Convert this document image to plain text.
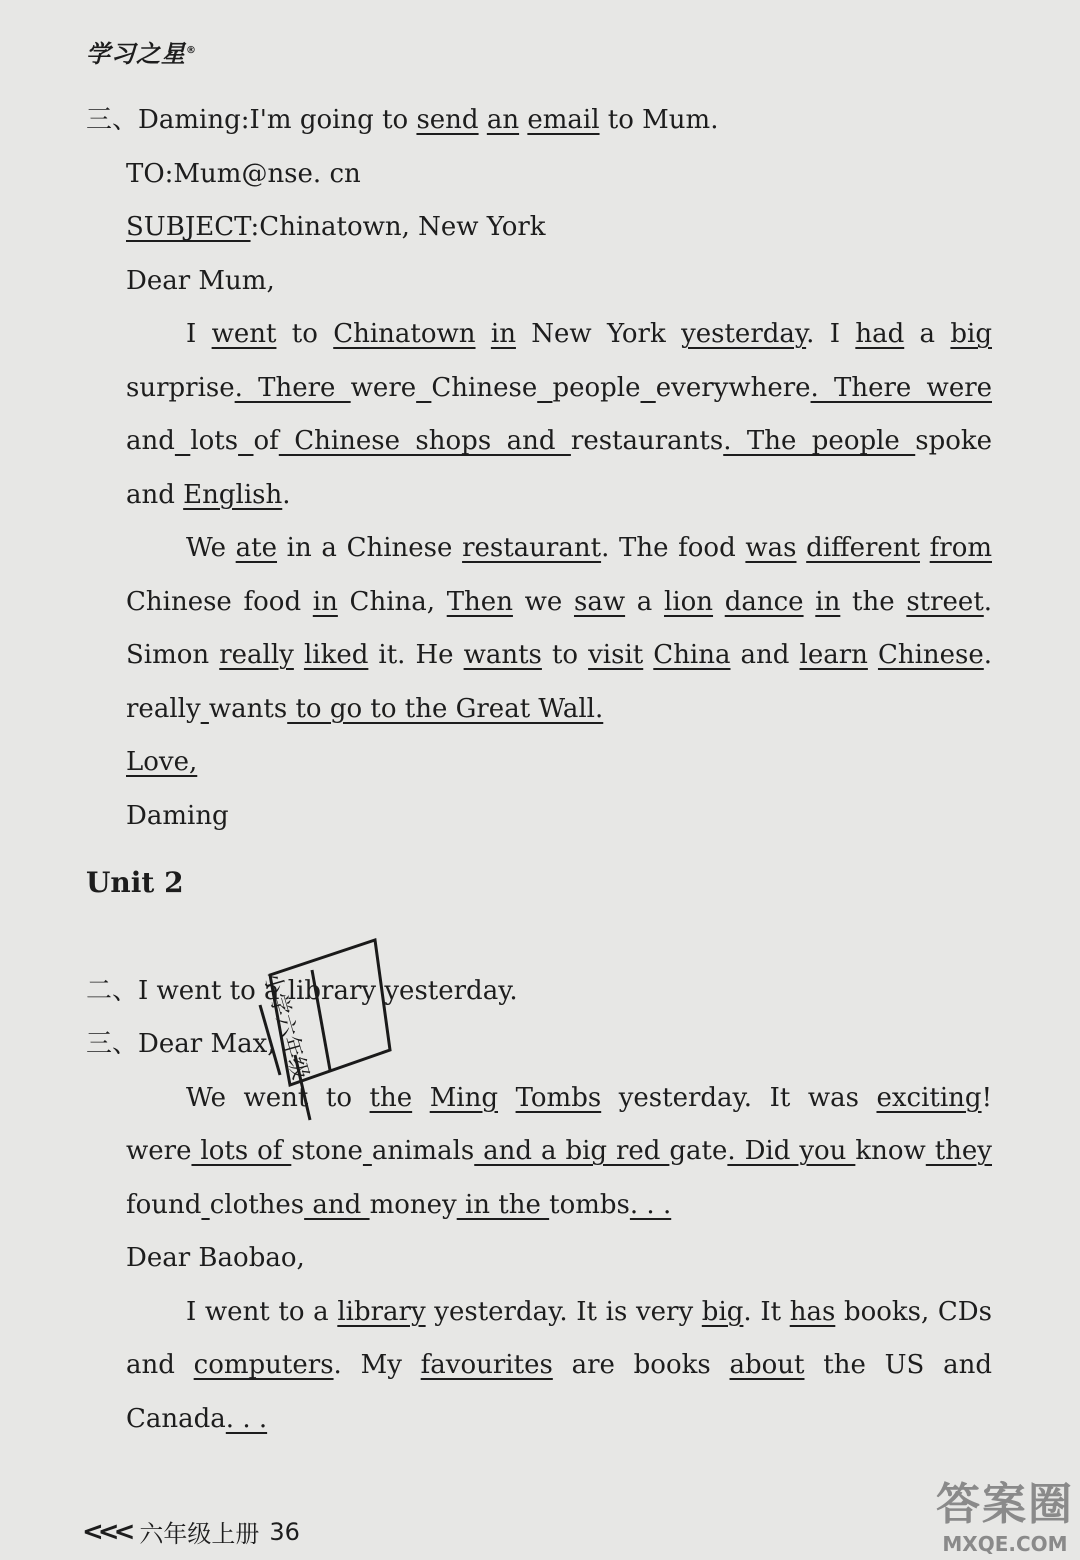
学习之星®
三、Daming:I'm going to send an email to Mum.
TO:Mum@nse. cn
SUBJECT:Chinatown, New York
Dear Mum,
I went to Chinatown in New York yesterday. I had a big
surprise. There were Chinese people everywhere. There were
and lots of Chinese shops and restaurants. The people spoke
and English.
We ate in a Chinese restaurant. The food was different from
Chinese food in China, Then we saw a lion dance in the street.
Simon really liked it. He wants to visit China and learn Chinese.
really wants to go to the Great Wall.
Love,
Daming
Unit 2

二、I went to a library yesterday.
三、Dear Max,
We went to the Ming Tombs yesterday. It was exciting!
were lots of stone animals and a big red gate. Did you know they
found clothes and money in the tombs. . .
Dear Baobao,
I went to a library yesterday. It is very big. It has books, CDs
and computers. My favourites are books about the US and
Canada. . .
小学六年级
<<< 六年级上册 36
答案圈
MXQE.COM
